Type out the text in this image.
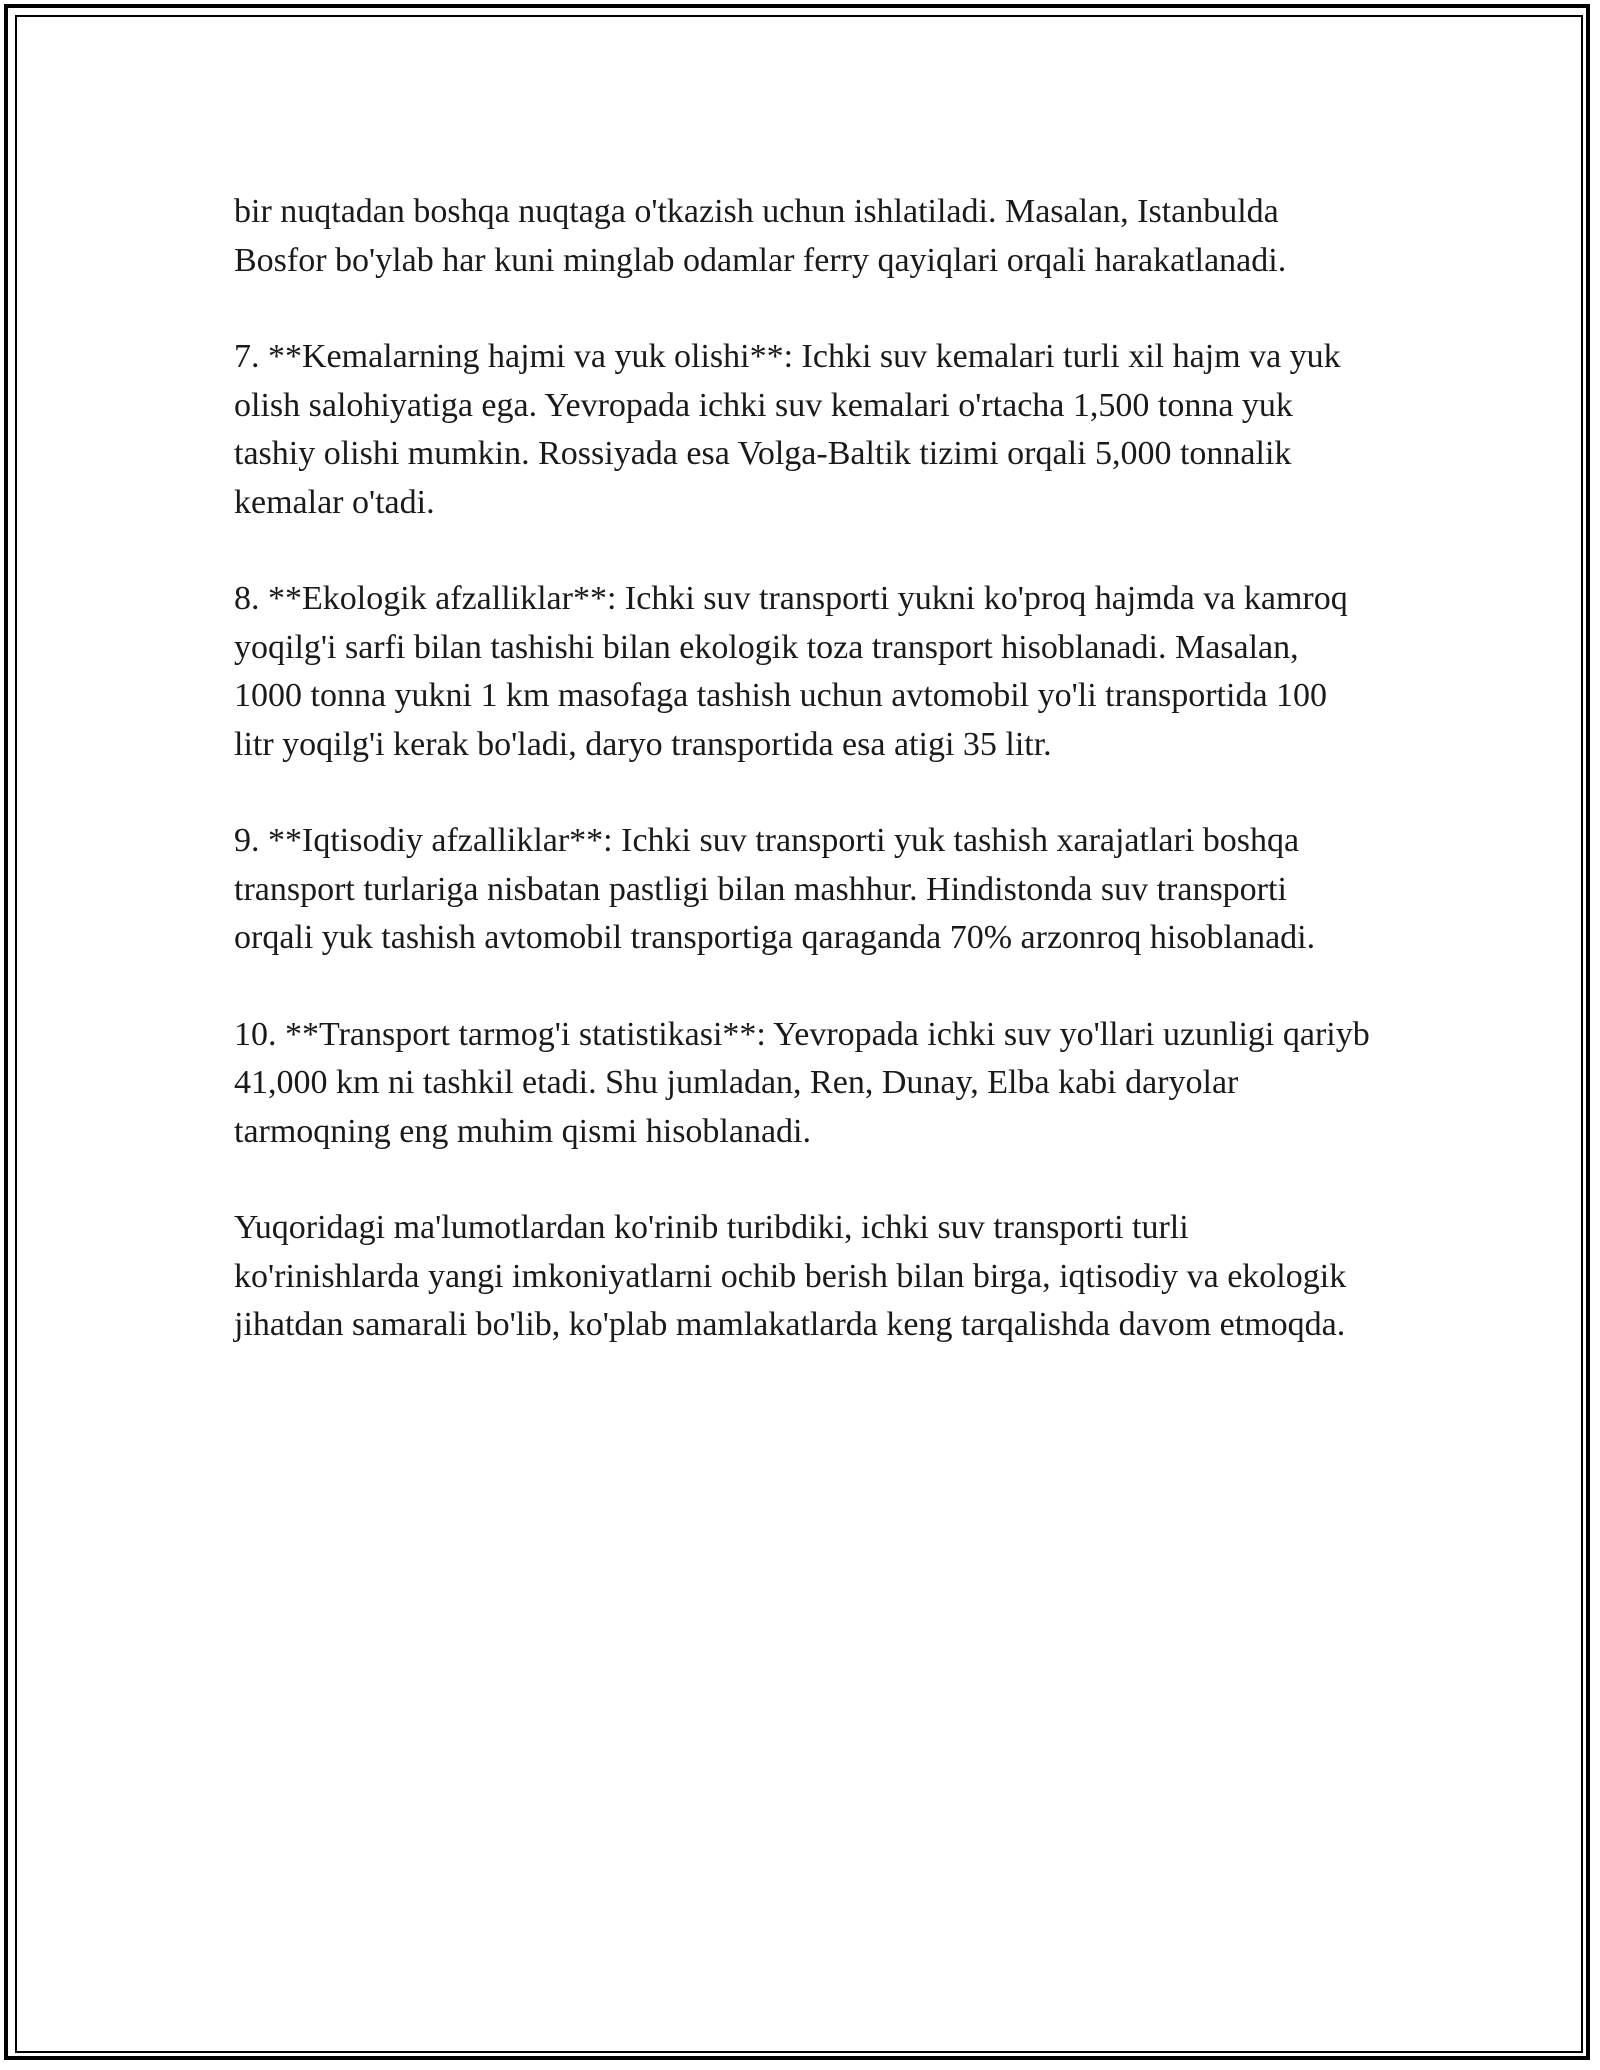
bir nuqtadan boshqa nuqtaga o'tkazish uchun ishlatiladi. Masalan, Istanbulda Bosfor bo'ylab har kuni minglab odamlar ferry qayiqlari orqali harakatlanadi.

7. **Kemalarning hajmi va yuk olishi**: Ichki suv kemalari turli xil hajm va yuk olish salohiyatiga ega. Yevropada ichki suv kemalari o'rtacha 1,500 tonna yuk tashiy olishi mumkin. Rossiyada esa Volga-Baltik tizimi orqali 5,000 tonnalik kemalar o'tadi.

8. **Ekologik afzalliklar**: Ichki suv transporti yukni ko'proq hajmda va kamroq yoqilg'i sarfi bilan tashishi bilan ekologik toza transport hisoblanadi. Masalan, 1000 tonna yukni 1 km masofaga tashish uchun avtomobil yo'li transportida 100 litr yoqilg'i kerak bo'ladi, daryo transportida esa atigi 35 litr.

9. **Iqtisodiy afzalliklar**: Ichki suv transporti yuk tashish xarajatlari boshqa transport turlariga nisbatan pastligi bilan mashhur. Hindistonda suv transporti orqali yuk tashish avtomobil transportiga qaraganda 70% arzonroq hisoblanadi.

10. **Transport tarmog'i statistikasi**: Yevropada ichki suv yo'llari uzunligi qariyb 41,000 km ni tashkil etadi. Shu jumladan, Ren, Dunay, Elba kabi daryolar tarmoqning eng muhim qismi hisoblanadi.

Yuqoridagi ma'lumotlardan ko'rinib turibdiki, ichki suv transporti turli ko'rinishlarda yangi imkoniyatlarni ochib berish bilan birga, iqtisodiy va ekologik jihatdan samarali bo'lib, ko'plab mamlakatlarda keng tarqalishda davom etmoqda.
